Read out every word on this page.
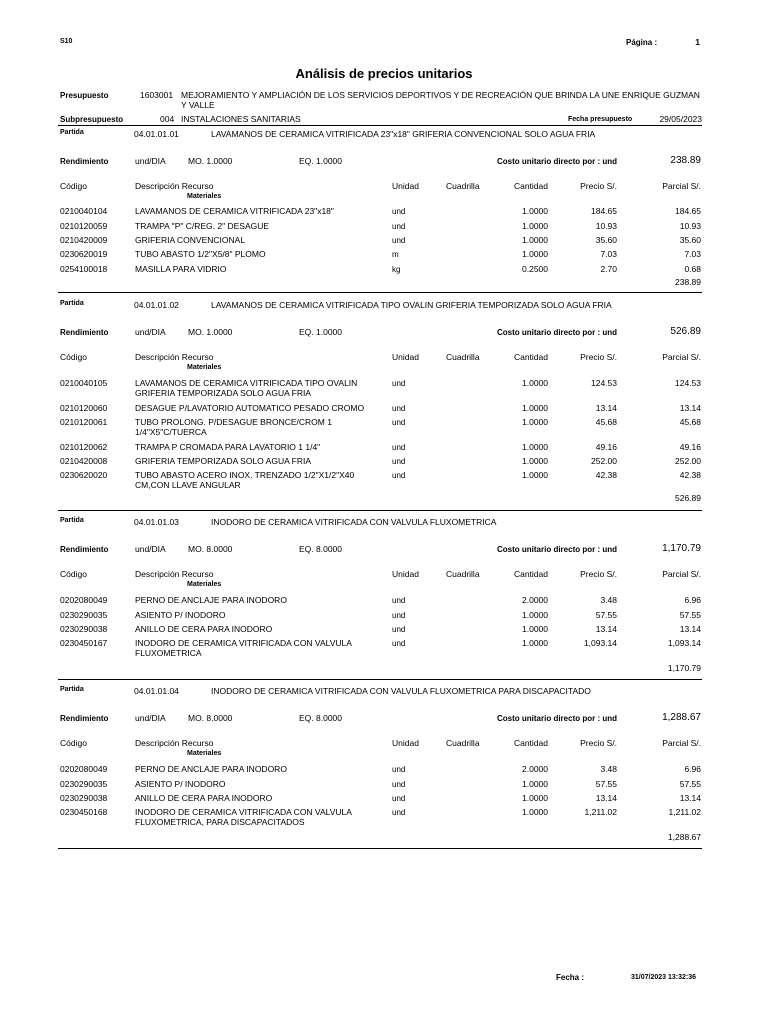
S10	Página :	1
Análisis de precios unitarios
Presupuesto	1603001 MEJORAMIENTO Y AMPLIACIÓN DE LOS SERVICIOS DEPORTIVOS Y DE RECREACIÓN QUE BRINDA LA UNE ENRIQUE GUZMAN Y VALLE
Subpresupuesto	004 INSTALACIONES SANITARIAS	Fecha presupuesto	29/05/2023
Partida	04.01.01.01	LAVAMANOS DE CERAMICA VITRIFICADA 23"x18" GRIFERIA CONVENCIONAL SOLO AGUA FRIA
Rendimiento	und/DIA	MO. 1.0000	EQ. 1.0000	Costo unitario directo por : und	238.89
Código	Descripción Recurso	Unidad	Cuadrilla	Cantidad	Precio S/.	Parcial S/.
Materiales
0210040104	LAVAMANOS DE CERAMICA VITRIFICADA 23"x18"	und	1.0000	184.65	184.65
0210120059	TRAMPA "P" C/REG. 2" DESAGUE	und	1.0000	10.93	10.93
0210420009	GRIFERIA CONVENCIONAL	und	1.0000	35.60	35.60
0230620019	TUBO ABASTO 1/2"X5/8" PLOMO	m	1.0000	7.03	7.03
0254100018	MASILLA PARA VIDRIO	kg	0.2500	2.70	0.68
238.89
Partida	04.01.01.02	LAVAMANOS DE CERAMICA VITRIFICADA TIPO OVALIN GRIFERIA TEMPORIZADA SOLO AGUA FRIA
Rendimiento	und/DIA	MO. 1.0000	EQ. 1.0000	Costo unitario directo por : und	526.89
Código	Descripción Recurso	Unidad	Cuadrilla	Cantidad	Precio S/.	Parcial S/.
Materiales
0210040105	LAVAMANOS DE CERAMICA VITRIFICADA TIPO OVALIN GRIFERIA TEMPORIZADA SOLO AGUA FRIA
und	1.0000	124.53	124.53
0210120060	DESAGUE P/LAVATORIO AUTOMATICO PESADO CROMO	und	1.0000	13.14	13.14
0210120061	TUBO PROLONG. P/DESAGUE BRONCE/CROM 1 1/4"X5"C/TUERCA
und	1.0000	45.68	45.68
0210120062	TRAMPA P CROMADA PARA LAVATORIO 1 1/4"	und	1.0000	49.16	49.16
0210420008	GRIFERIA TEMPORIZADA SOLO AGUA FRIA	und	1.0000	252.00	252.00
0230620020	TUBO ABASTO ACERO INOX. TRENZADO 1/2"X1/2"X40 CM,CON LLAVE ANGULAR
und	1.0000	42.38	42.38
526.89
Partida	04.01.01.03	INODORO DE CERAMICA VITRIFICADA CON VALVULA FLUXOMETRICA
Rendimiento	und/DIA	MO. 8.0000	EQ. 8.0000	Costo unitario directo por : und	1,170.79
Código	Descripción Recurso	Unidad	Cuadrilla	Cantidad	Precio S/.	Parcial S/.
Materiales
0202080049	PERNO DE ANCLAJE PARA INODORO	und	2.0000	3.48	6.96
0230290035	ASIENTO P/ INODORO	und	1.0000	57.55	57.55
0230290038	ANILLO DE CERA PARA INODORO	und	1.0000	13.14	13.14
0230450167	INODORO DE CERAMICA VITRIFICADA CON VALVULA FLUXOMETRICA
und	1.0000	1,093.14	1,093.14
1,170.79
Partida	04.01.01.04	INODORO DE CERAMICA VITRIFICADA CON VALVULA FLUXOMETRICA PARA DISCAPACITADO
Rendimiento	und/DIA	MO. 8.0000	EQ. 8.0000	Costo unitario directo por : und	1,288.67
Código	Descripción Recurso	Unidad	Cuadrilla	Cantidad	Precio S/.	Parcial S/.
Materiales
0202080049	PERNO DE ANCLAJE PARA INODORO	und	2.0000	3.48	6.96
0230290035	ASIENTO P/ INODORO	und	1.0000	57.55	57.55
0230290038	ANILLO DE CERA PARA INODORO	und	1.0000	13.14	13.14
0230450168	INODORO DE CERAMICA VITRIFICADA CON VALVULA FLUXOMETRICA, PARA DISCAPACITADOS
und	1.0000	1,211.02	1,211.02
1,288.67
Fecha :	31/07/2023 13:32:36
